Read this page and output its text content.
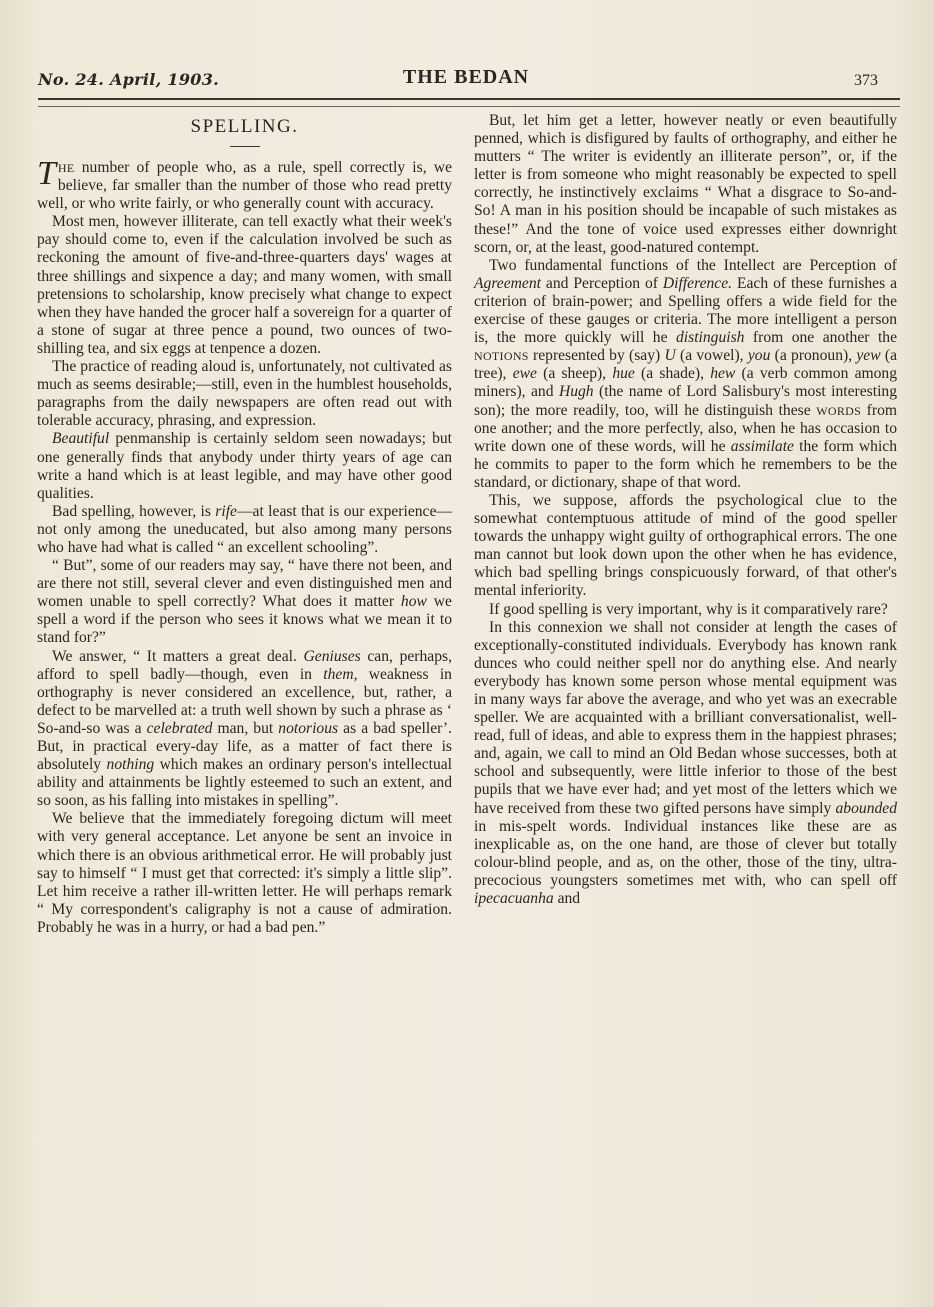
No. 24. April, 1903.	THE BEDAN	373
SPELLING.

THE number of people who, as a rule, spell correctly is, we believe, far smaller than the number of those who read pretty well, or who write fairly, or who generally count with accuracy.

Most men, however illiterate, can tell exactly what their week's pay should come to, even if the calculation involved be such as reckoning the amount of five-and-three-quarters days' wages at three shillings and sixpence a day; and many women, with small pretensions to scholarship, know precisely what change to expect when they have handed the grocer half a sovereign for a quarter of a stone of sugar at three pence a pound, two ounces of two-shilling tea, and six eggs at tenpence a dozen.

The practice of reading aloud is, unfortunately, not cultivated as much as seems desirable;—still, even in the humblest households, paragraphs from the daily newspapers are often read out with tolerable accuracy, phrasing, and expression.

Beautiful penmanship is certainly seldom seen nowadays; but one generally finds that anybody under thirty years of age can write a hand which is at least legible, and may have other good qualities.

Bad spelling, however, is rife—at least that is our experience—not only among the uneducated, but also among many persons who have had what is called “ an excellent schooling”.

“ But”, some of our readers may say, “ have there not been, and are there not still, several clever and even distinguished men and women unable to spell correctly? What does it matter how we spell a word if the person who sees it knows what we mean it to stand for?”

We answer, “ It matters a great deal. Geniuses can, perhaps, afford to spell badly—though, even in them, weakness in orthography is never considered an excellence, but, rather, a defect to be marvelled at: a truth well shown by such a phrase as ‘ So-and-so was a celebrated man, but notorious as a bad speller’. But, in practical every-day life, as a matter of fact there is absolutely nothing which makes an ordinary person's intellectual ability and attainments be lightly esteemed to such an extent, and so soon, as his falling into mistakes in spelling”.

We believe that the immediately foregoing dictum will meet with very general acceptance. Let anyone be sent an invoice in which there is an obvious arithmetical error. He will probably just say to himself “ I must get that corrected: it's simply a little slip”. Let him receive a rather ill-written letter. He will perhaps remark “ My correspondent's caligraphy is not a cause of admiration. Probably he was in a hurry, or had a bad pen.”

But, let him get a letter, however neatly or even beautifully penned, which is disfigured by faults of orthography, and either he mutters “ The writer is evidently an illiterate person”, or, if the letter is from someone who might reasonably be expected to spell correctly, he instinctively exclaims “ What a disgrace to So-and-So! A man in his position should be incapable of such mistakes as these!” And the tone of voice used expresses either downright scorn, or, at the least, good-natured contempt.

Two fundamental functions of the Intellect are Perception of Agreement and Perception of Difference. Each of these furnishes a criterion of brain-power; and Spelling offers a wide field for the exercise of these gauges or criteria. The more intelligent a person is, the more quickly will he distinguish from one another the NOTIONS represented by (say) U (a vowel), you (a pronoun), yew (a tree), ewe (a sheep), hue (a shade), hew (a verb common among miners), and Hugh (the name of Lord Salisbury's most interesting son); the more readily, too, will he distinguish these WORDS from one another; and the more perfectly, also, when he has occasion to write down one of these words, will he assimilate the form which he commits to paper to the form which he remembers to be the standard, or dictionary, shape of that word.

This, we suppose, affords the psychological clue to the somewhat contemptuous attitude of mind of the good speller towards the unhappy wight guilty of orthographical errors. The one man cannot but look down upon the other when he has evidence, which bad spelling brings conspicuously forward, of that other's mental inferiority.

If good spelling is very important, why is it comparatively rare?

In this connexion we shall not consider at length the cases of exceptionally-constituted individuals. Everybody has known rank dunces who could neither spell nor do anything else. And nearly everybody has known some person whose mental equipment was in many ways far above the average, and who yet was an execrable speller. We are acquainted with a brilliant conversationalist, well-read, full of ideas, and able to express them in the happiest phrases; and, again, we call to mind an Old Bedan whose successes, both at school and subsequently, were little inferior to those of the best pupils that we have ever had; and yet most of the letters which we have received from these two gifted persons have simply abounded in mis-spelt words. Individual instances like these are as inexplicable as, on the one hand, are those of clever but totally colour-blind people, and as, on the other, those of the tiny, ultra-precocious youngsters sometimes met with, who can spell off ipecacuanha and
